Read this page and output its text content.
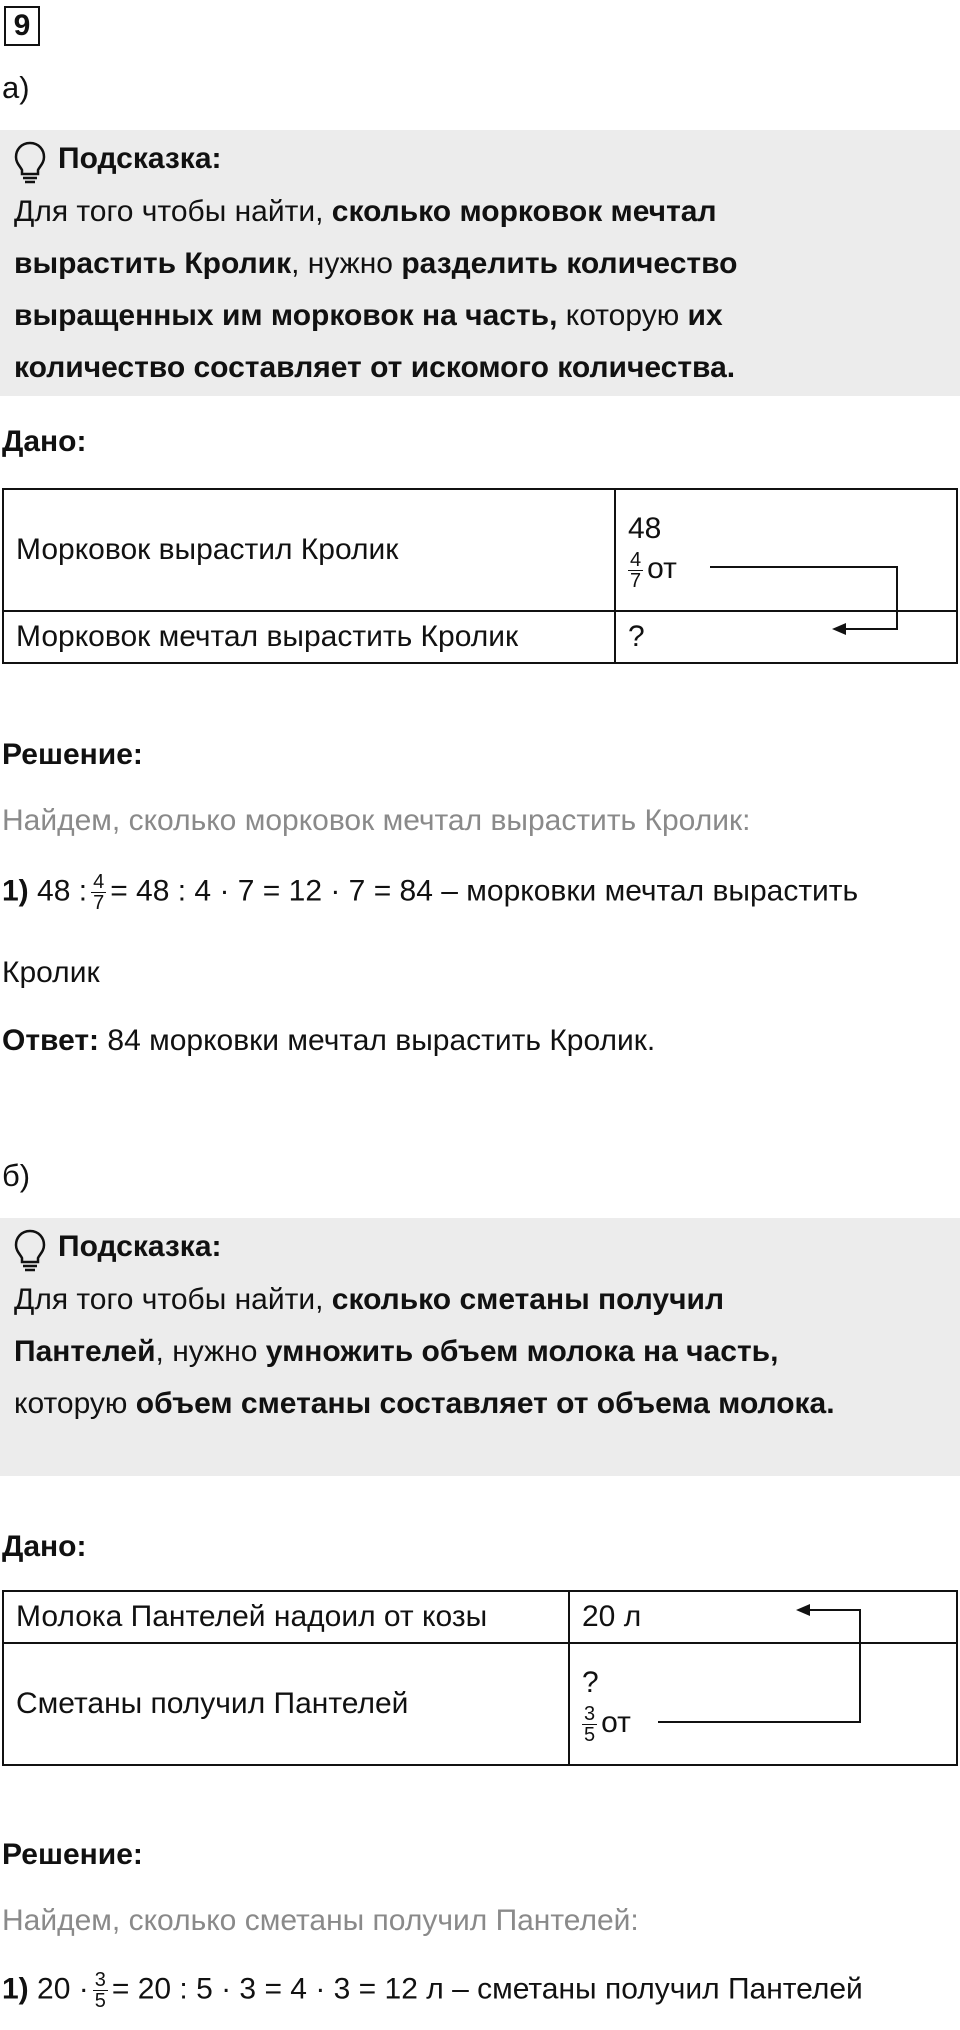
9
а)
Подсказка:
Для того чтобы найти, сколько морковок мечтал
вырастить Кролик, нужно разделить количество
выращенных им морковок на часть, которую их
количество составляет от искомого количества.
Дано:
Морковок вырастил Кролик	48
$\frac{4}{7}$ от

Морковок мечтал вырастить Кролик	?
Решение:
Найдем, сколько морковок мечтал вырастить Кролик:
1) 48 : $\frac{4}{7} = 48$ : 4 · 7 = 12 · 7 = 84 – морковки мечтал вырастить
Кролик
Ответ: 84 морковки мечтал вырастить Кролик.
б)
Подсказка:
Для того чтобы найти, сколько сметаны получил
Пантелей, нужно умножить объем молока на часть,
которую объем сметаны составляет от объема молока.
Дано:
Молока Пантелей надоил от козы	20 л
Сметаны получил Пантелей	?
$\frac{3}{5}$ от
Решение:
Найдем, сколько сметаны получил Пантелей:
1) $20 \cdot \frac{3}{5} = 20$ : 5 · 3 = 4 · 3 = 12 л – сметаны получил Пантелей
